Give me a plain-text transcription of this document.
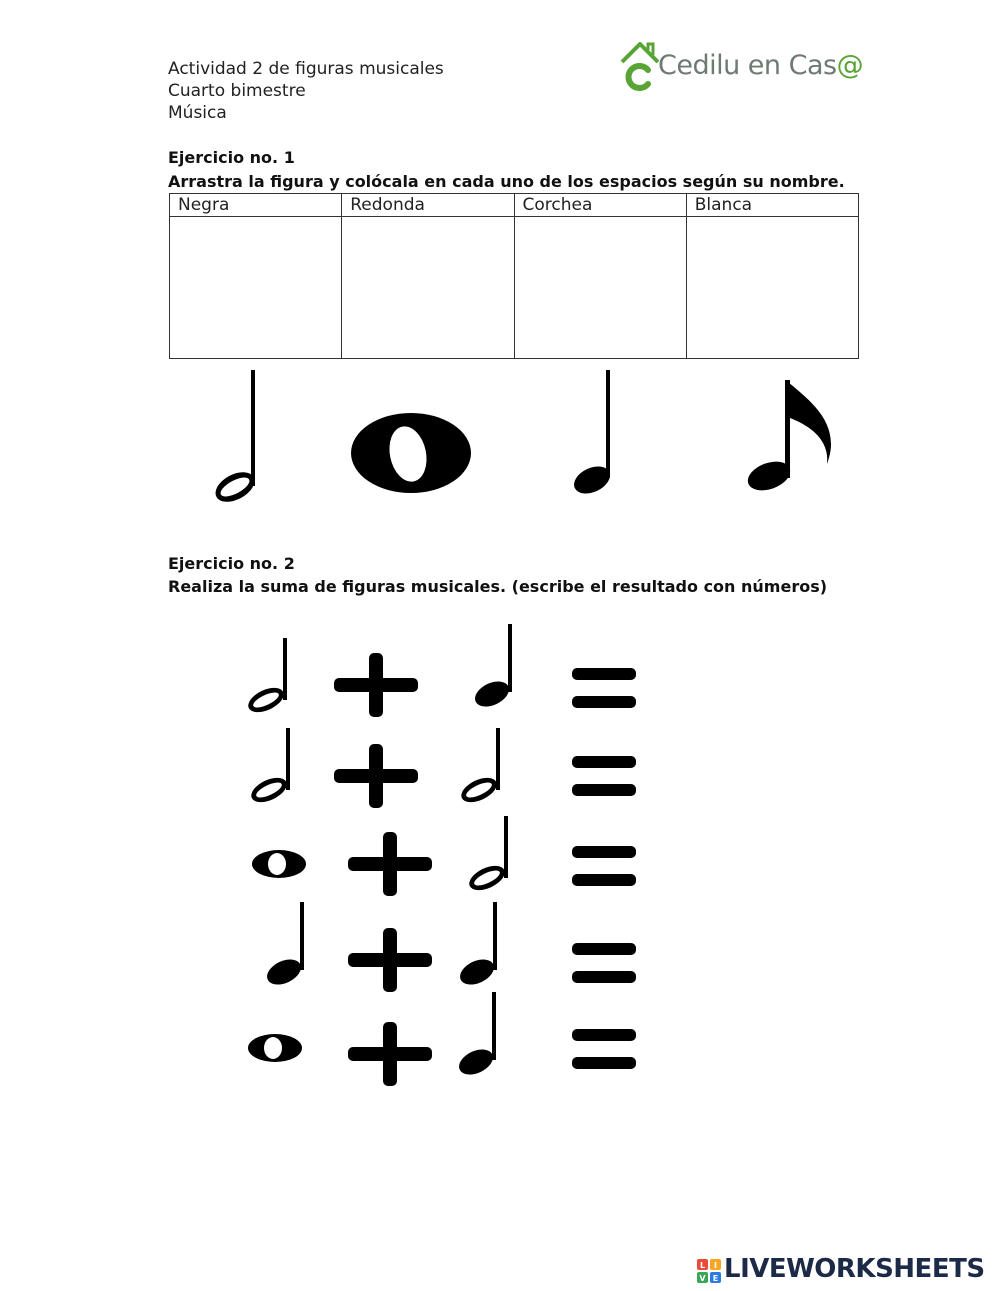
Actividad 2 de figuras musicales
Cuarto bimestre
Música
Cedilu en Cas@
Ejercicio no. 1
Arrastra la figura y colócala en cada uno de los espacios según su nombre.
Negra	Redonda	Corchea	Blanca

Ejercicio no. 2
Realiza la suma de figuras musicales. (escribe el resultado con números)
L I
V E LIVEWORKSHEETS
